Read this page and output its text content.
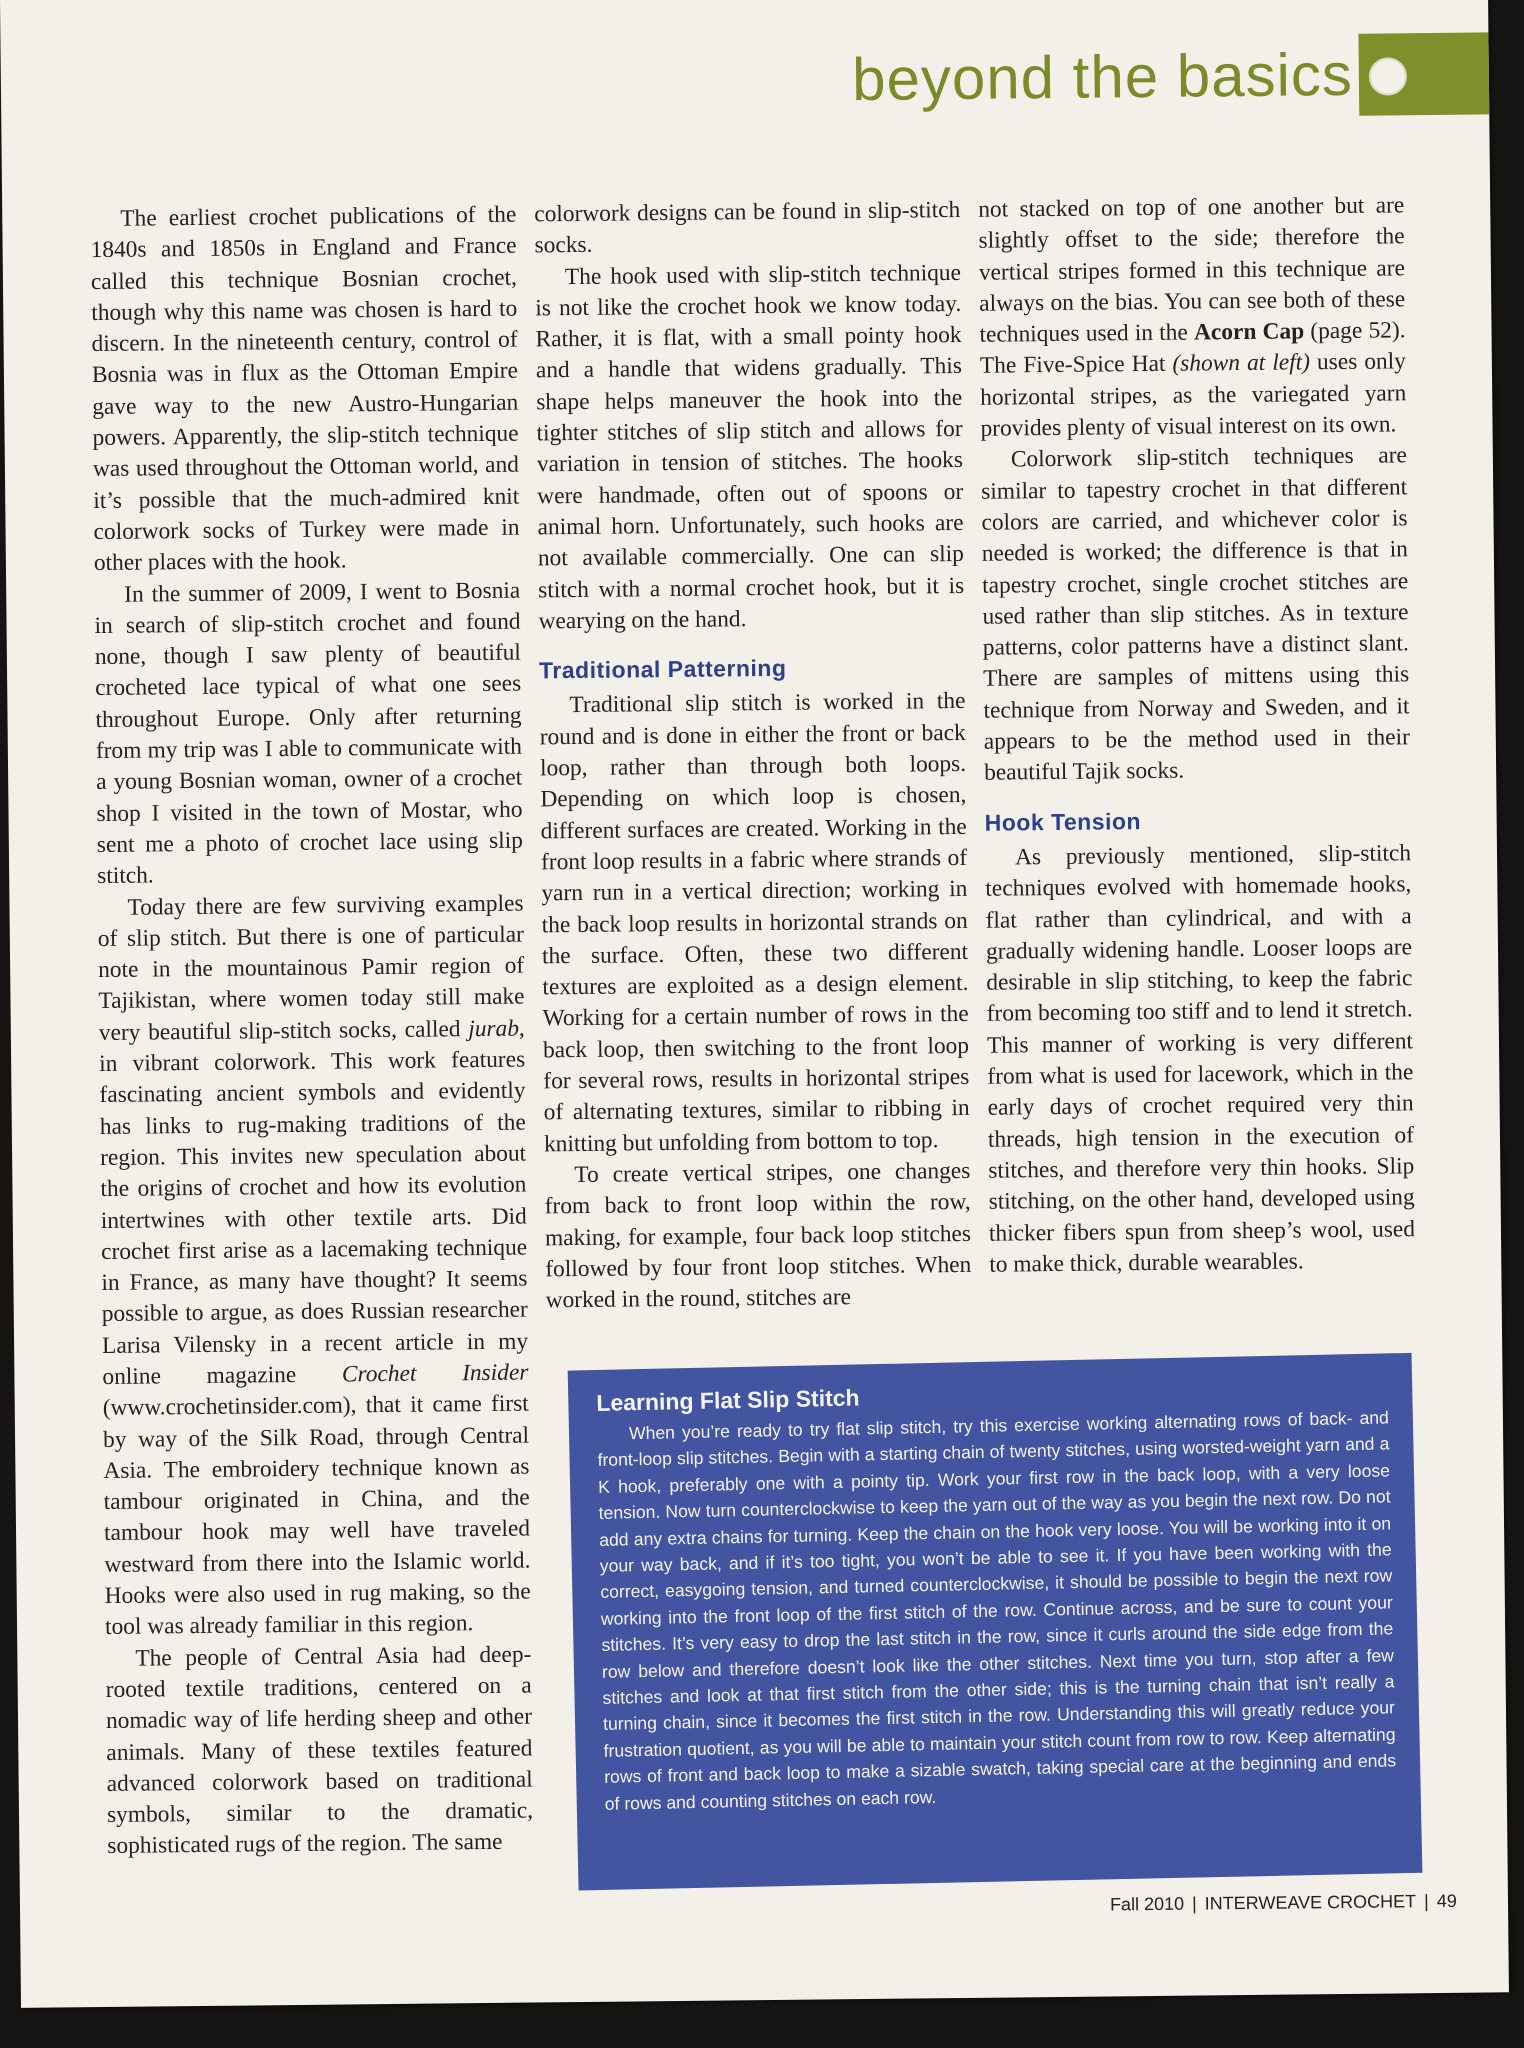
beyond the basics

The earliest crochet publications of the 1840s and 1850s in England and France called this technique Bosnian crochet, though why this name was chosen is hard to discern. In the nineteenth century, control of Bosnia was in flux as the Ottoman Empire gave way to the new Austro-Hungarian powers. Apparently, the slip-stitch technique was used throughout the Ottoman world, and it’s possible that the much-admired knit colorwork socks of Turkey were made in other places with the hook.

In the summer of 2009, I went to Bosnia in search of slip-stitch crochet and found none, though I saw plenty of beautiful crocheted lace typical of what one sees throughout Europe. Only after returning from my trip was I able to communicate with a young Bosnian woman, owner of a crochet shop I visited in the town of Mostar, who sent me a photo of crochet lace using slip stitch.

Today there are few surviving examples of slip stitch. But there is one of particular note in the mountainous Pamir region of Tajikistan, where women today still make very beautiful slip-stitch socks, called jurab, in vibrant colorwork. This work features fascinating ancient symbols and evidently has links to rug-making traditions of the region. This invites new speculation about the origins of crochet and how its evolution intertwines with other textile arts. Did crochet first arise as a lacemaking technique in France, as many have thought? It seems possible to argue, as does Russian researcher Larisa Vilensky in a recent article in my online magazine Crochet Insider (www.crochetinsider.com), that it came first by way of the Silk Road, through Central Asia. The embroidery technique known as tambour originated in China, and the tambour hook may well have traveled westward from there into the Islamic world. Hooks were also used in rug making, so the tool was already familiar in this region.

The people of Central Asia had deep-rooted textile traditions, centered on a nomadic way of life herding sheep and other animals. Many of these textiles featured advanced colorwork based on traditional symbols, similar to the dramatic, sophisticated rugs of the region. The same

colorwork designs can be found in slip-stitch socks.

The hook used with slip-stitch technique is not like the crochet hook we know today. Rather, it is flat, with a small pointy hook and a handle that widens gradually. This shape helps maneuver the hook into the tighter stitches of slip stitch and allows for variation in tension of stitches. The hooks were handmade, often out of spoons or animal horn. Unfortunately, such hooks are not available commercially. One can slip stitch with a normal crochet hook, but it is wearying on the hand.

Traditional Patterning

Traditional slip stitch is worked in the round and is done in either the front or back loop, rather than through both loops. Depending on which loop is chosen, different surfaces are created. Working in the front loop results in a fabric where strands of yarn run in a vertical direction; working in the back loop results in horizontal strands on the surface. Often, these two different textures are exploited as a design element. Working for a certain number of rows in the back loop, then switching to the front loop for several rows, results in horizontal stripes of alternating textures, similar to ribbing in knitting but unfolding from bottom to top.

To create vertical stripes, one changes from back to front loop within the row, making, for example, four back loop stitches followed by four front loop stitches. When worked in the round, stitches are

not stacked on top of one another but are slightly offset to the side; therefore the vertical stripes formed in this technique are always on the bias. You can see both of these techniques used in the Acorn Cap (page 52). The Five-Spice Hat (shown at left) uses only horizontal stripes, as the variegated yarn provides plenty of visual interest on its own.

Colorwork slip-stitch techniques are similar to tapestry crochet in that different colors are carried, and whichever color is needed is worked; the difference is that in tapestry crochet, single crochet stitches are used rather than slip stitches. As in texture patterns, color patterns have a distinct slant. There are samples of mittens using this technique from Norway and Sweden, and it appears to be the method used in their beautiful Tajik socks.

Hook Tension

As previously mentioned, slip-stitch techniques evolved with homemade hooks, flat rather than cylindrical, and with a gradually widening handle. Looser loops are desirable in slip stitching, to keep the fabric from becoming too stiff and to lend it stretch. This manner of working is very different from what is used for lacework, which in the early days of crochet required very thin threads, high tension in the execution of stitches, and therefore very thin hooks. Slip stitching, on the other hand, developed using thicker fibers spun from sheep’s wool, used to make thick, durable wearables.

Learning Flat Slip Stitch
When you’re ready to try flat slip stitch, try this exercise working alternating rows of back- and front-loop slip stitches. Begin with a starting chain of twenty stitches, using worsted-weight yarn and a K hook, preferably one with a pointy tip. Work your first row in the back loop, with a very loose tension. Now turn counterclockwise to keep the yarn out of the way as you begin the next row. Do not add any extra chains for turning. Keep the chain on the hook very loose. You will be working into it on your way back, and if it’s too tight, you won’t be able to see it. If you have been working with the correct, easygoing tension, and turned counterclockwise, it should be possible to begin the next row working into the front loop of the first stitch of the row. Continue across, and be sure to count your stitches. It’s very easy to drop the last stitch in the row, since it curls around the side edge from the row below and therefore doesn’t look like the other stitches. Next time you turn, stop after a few stitches and look at that first stitch from the other side; this is the turning chain that isn’t really a turning chain, since it becomes the first stitch in the row. Understanding this will greatly reduce your frustration quotient, as you will be able to maintain your stitch count from row to row. Keep alternating rows of front and back loop to make a sizable swatch, taking special care at the beginning and ends of rows and counting stitches on each row.
Fall 2010 | INTERWEAVE CROCHET | 49
